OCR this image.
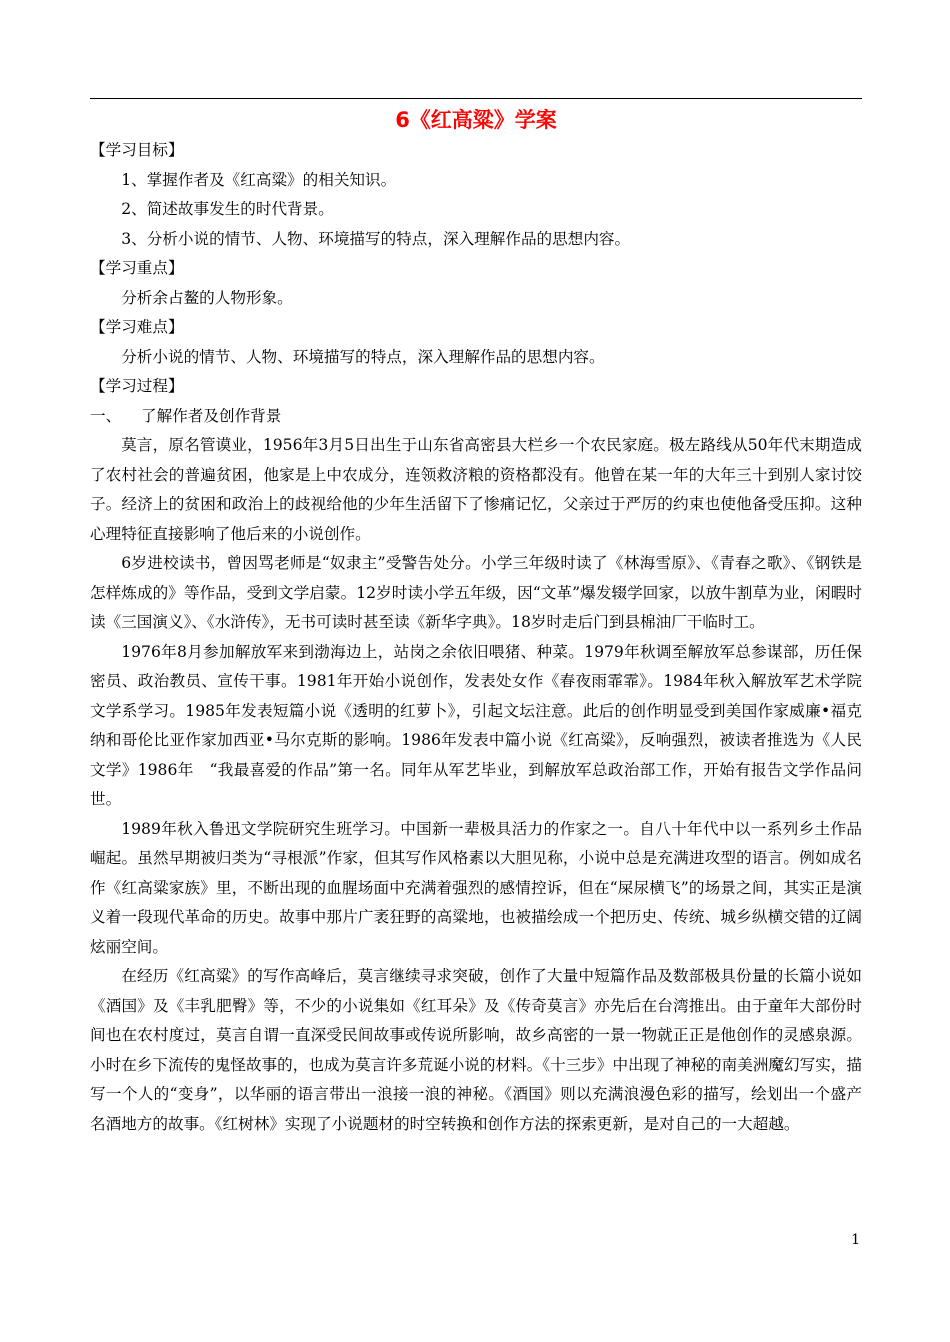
6《红高粱》学案

【学习目标】

1、掌握作者及《红高粱》的相关知识。

2、简述故事发生的时代背景。

3、分析小说的情节、人物、环境描写的特点，深入理解作品的思想内容。

【学习重点】

分析余占鳌的人物形象。

【学习难点】

分析小说的情节、人物、环境描写的特点，深入理解作品的思想内容。

【学习过程】

一、    了解作者及创作背景

莫言，原名管谟业，1956年3月5日出生于山东省高密县大栏乡一个农民家庭。极左路线从50年代末期造成了农村社会的普遍贫困，他家是上中农成分，连领救济粮的资格都没有。他曾在某一年的大年三十到别人家讨饺子。经济上的贫困和政治上的歧视给他的少年生活留下了惨痛记忆，父亲过于严厉的约束也使他备受压抑。这种心理特征直接影响了他后来的小说创作。

6岁进校读书，曾因骂老师是“奴隶主”受警告处分。小学三年级时读了《林海雪原》、《青春之歌》、《钢铁是怎样炼成的》等作品，受到文学启蒙。12岁时读小学五年级，因“文革”爆发辍学回家，以放牛割草为业，闲暇时读《三国演义》、《水浒传》，无书可读时甚至读《新华字典》。18岁时走后门到县棉油厂干临时工。

1976年8月参加解放军来到渤海边上，站岗之余依旧喂猪、种菜。1979年秋调至解放军总参谋部，历任保密员、政治教员、宣传干事。1981年开始小说创作，发表处女作《春夜雨霏霏》。1984年秋入解放军艺术学院文学系学习。1985年发表短篇小说《透明的红萝卜》，引起文坛注意。此后的创作明显受到美国作家威廉•福克纳和哥伦比亚作家加西亚•马尔克斯的影响。1986年发表中篇小说《红高粱》，反响强烈，被读者推选为《人民文学》1986年　“我最喜爱的作品”第一名。同年从军艺毕业，到解放军总政治部工作，开始有报告文学作品问世。

1989年秋入鲁迅文学院研究生班学习。中国新一辈极具活力的作家之一。自八十年代中以一系列乡土作品崛起。虽然早期被归类为“寻根派”作家，但其写作风格素以大胆见称，小说中总是充满进攻型的语言。例如成名作《红高粱家族》里，不断出现的血腥场面中充满着强烈的感情控诉，但在“屎尿横飞”的场景之间，其实正是演义着一段现代革命的历史。故事中那片广袤狂野的高粱地，也被描绘成一个把历史、传统、城乡纵横交错的辽阔炫丽空间。

在经历《红高粱》的写作高峰后，莫言继续寻求突破，创作了大量中短篇作品及数部极具份量的长篇小说如《酒国》及《丰乳肥臀》等，不少的小说集如《红耳朵》及《传奇莫言》亦先后在台湾推出。由于童年大部份时间也在农村度过，莫言自谓一直深受民间故事或传说所影响，故乡高密的一景一物就正正是他创作的灵感泉源。小时在乡下流传的鬼怪故事的，也成为莫言许多荒诞小说的材料。《十三步》中出现了神秘的南美洲魔幻写实，描写一个人的“变身”，以华丽的语言带出一浪接一浪的神秘。《酒国》则以充满浪漫色彩的描写，绘划出一个盛产名酒地方的故事。《红树林》实现了小说题材的时空转换和创作方法的探索更新，是对自己的一大超越。

1
